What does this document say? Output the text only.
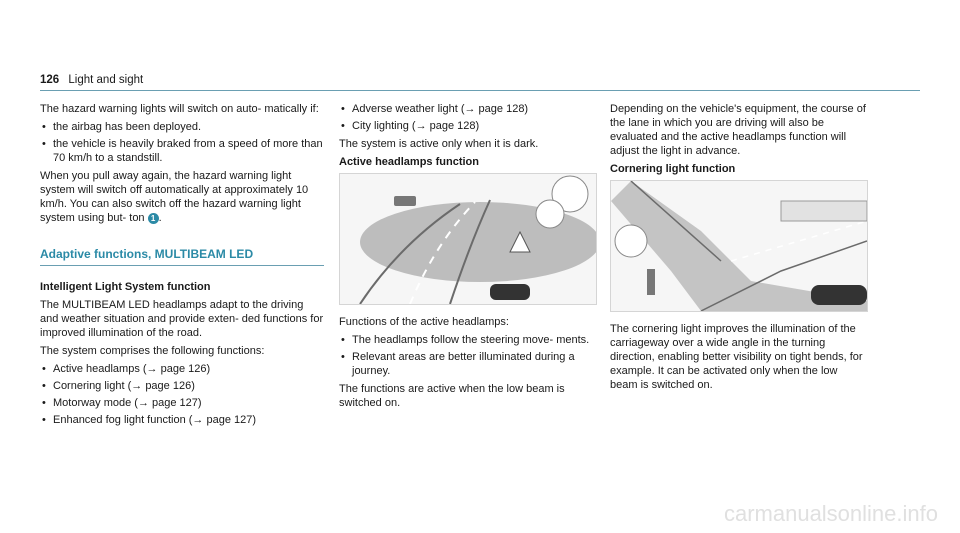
126 Light and sight

The hazard warning lights will switch on auto- matically if:

• the airbag has been deployed.
• the vehicle is heavily braked from a speed of more than 70 km/h to a standstill.

When you pull away again, the hazard warning light system will switch off automatically at approximately 10 km/h. You can also switch off the hazard warning light system using but- ton 1 .

Adaptive functions, MULTIBEAM LED
Intelligent Light System function

The MULTIBEAM LED headlamps adapt to the driving and weather situation and provide exten- ded functions for improved illumination of the road.

The system comprises the following functions:

• Active headlamps (→ page 126)
• Cornering light (→ page 126)
• Motorway mode (→ page 127)
• Enhanced fog light function (→ page 127)
• Adverse weather light (→ page 128)
• City lighting (→ page 128)

The system is active only when it is dark.

Active headlamps function

Functions of the active headlamps:

• The headlamps follow the steering move- ments.
• Relevant areas are better illuminated during a journey.

The functions are active when the low beam is switched on.

Depending on the vehicle's equipment, the course of the lane in which you are driving will also be evaluated and the active headlamps function will adjust the light in advance.

Cornering light function

The cornering light improves the illumination of the carriageway over a wide angle in the turning direction, enabling better visibility on tight bends, for example. It can be activated only when the low beam is switched on.

carmanualsonline.info
